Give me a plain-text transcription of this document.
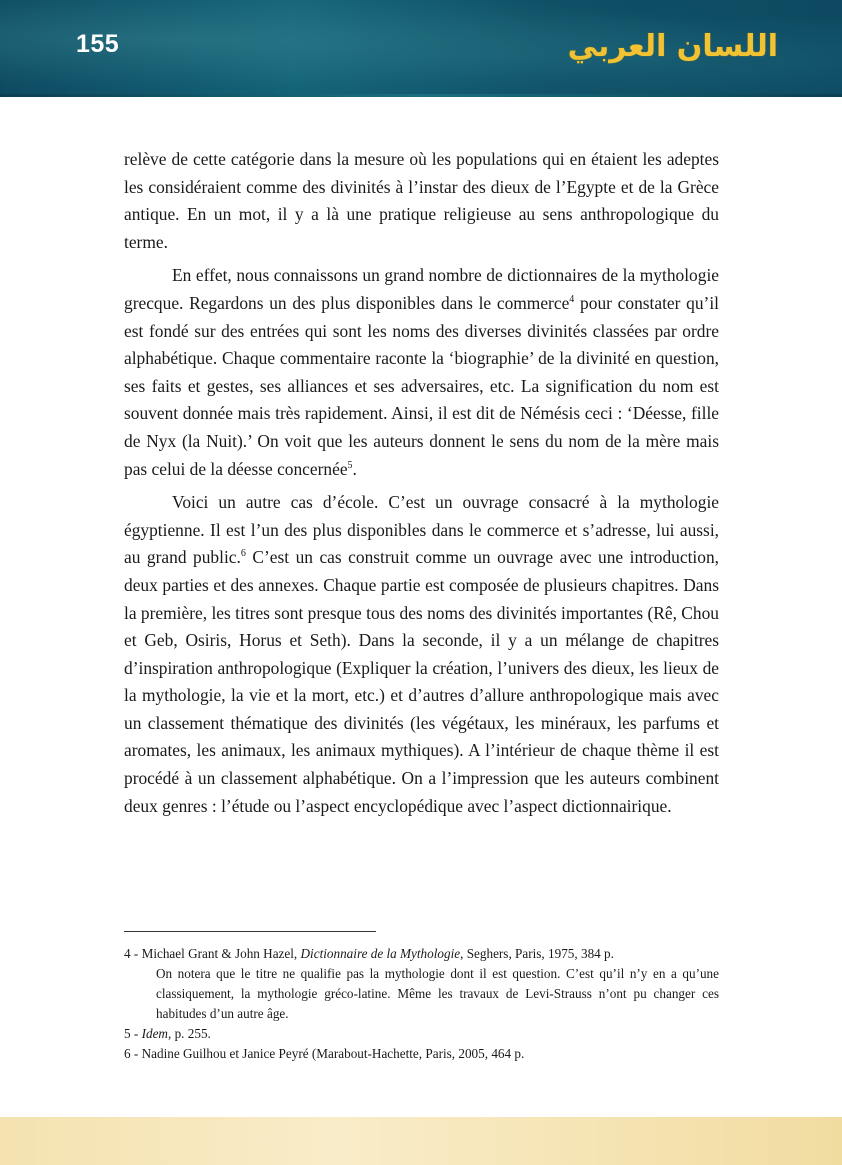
155	اللسان العربي

relève de cette catégorie dans la mesure où les populations qui en étaient les adeptes les considéraient comme des divinités à l’instar des dieux de l’Egypte et de la Grèce antique. En un mot, il y a là une pratique religieuse au sens anthropologique du terme.

En effet, nous connaissons un grand nombre de dictionnaires de la mythologie grecque. Regardons un des plus disponibles dans le commerce$^4$ pour constater qu’il est fondé sur des entrées qui sont les noms des diverses divinités classées par ordre alphabétique. Chaque commentaire raconte la ‘biographie’ de la divinité en question, ses faits et gestes, ses alliances et ses adversaires, etc. La signification du nom est souvent donnée mais très rapidement. Ainsi, il est dit de Némésis ceci : ‘Déesse, fille de Nyx (la Nuit).’ On voit que les auteurs donnent le sens du nom de la mère mais pas celui de la déesse concernée$^5$.

Voici un autre cas d’école. C’est un ouvrage consacré à la mythologie égyptienne. Il est l’un des plus disponibles dans le commerce et s’adresse, lui aussi, au grand public.$^6$ C’est un cas construit comme un ouvrage avec une introduction, deux parties et des annexes. Chaque partie est composée de plusieurs chapitres. Dans la première, les titres sont presque tous des noms des divinités importantes (Rê, Chou et Geb, Osiris, Horus et Seth). Dans la seconde, il y a un mélange de chapitres d’inspiration anthropologique (Expliquer la création, l’univers des dieux, les lieux de la mythologie, la vie et la mort, etc.) et d’autres d’allure anthropologique mais avec un classement thématique des divinités (les végétaux, les minéraux, les parfums et aromates, les animaux, les animaux mythiques). A l’intérieur de chaque thème il est procédé à un classement alphabétique. On a l’impression que les auteurs combinent deux genres : l’étude ou l’aspect encyclopédique avec l’aspect dictionnairique.

4 - Michael Grant & John Hazel, Dictionnaire de la Mythologie, Seghers, Paris, 1975, 384 p.

On notera que le titre ne qualifie pas la mythologie dont il est question. C’est qu’il n’y en a qu’une classiquement, la mythologie gréco-latine. Même les travaux de Levi-Strauss n’ont pu changer ces habitudes d’un autre âge.

5 - Idem, p. 255.

6 - Nadine Guilhou et Janice Peyré (Marabout-Hachette, Paris, 2005, 464 p.
